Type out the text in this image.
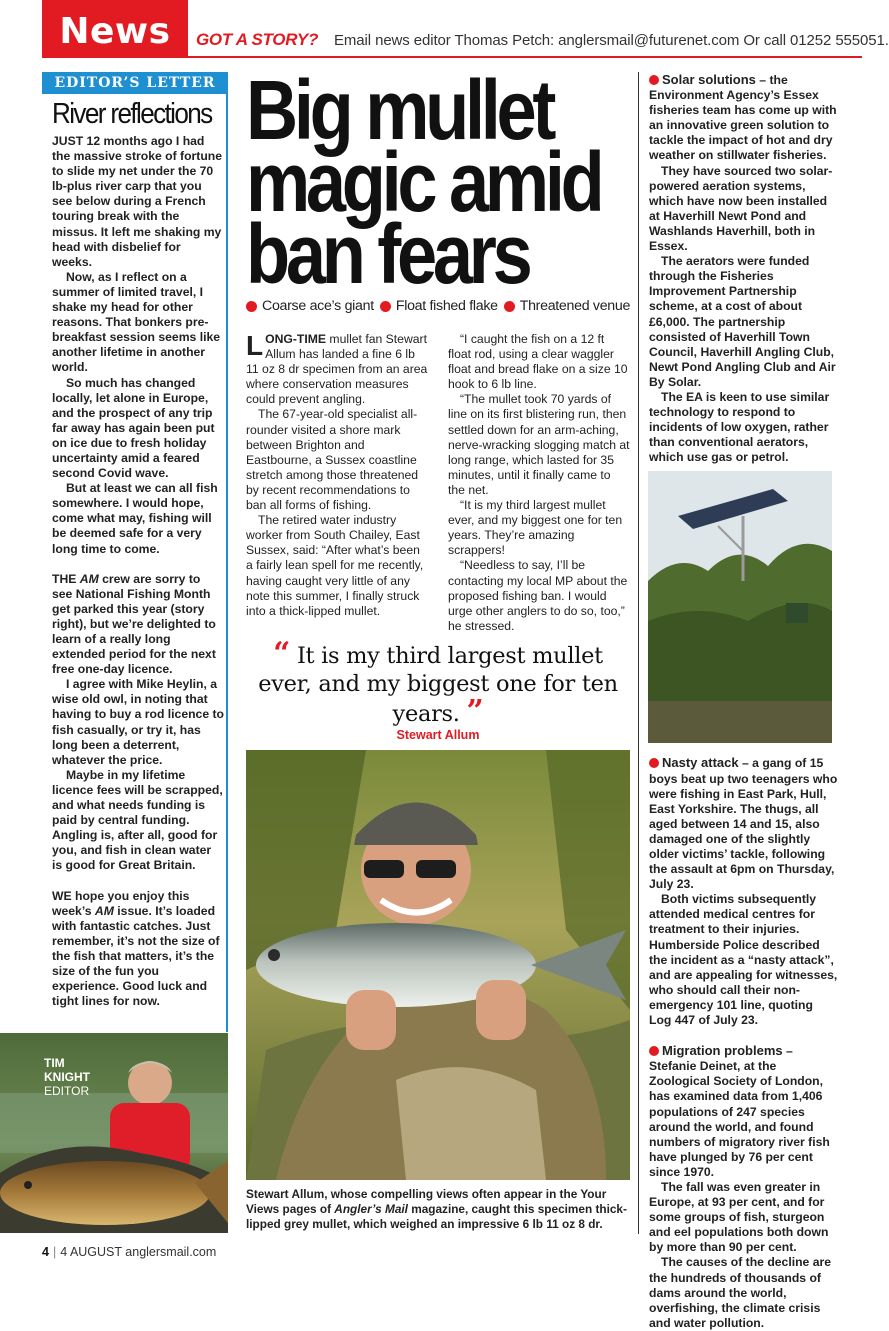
News	GOT A STORY? Email news editor Thomas Petch: anglersmail@futurenet.com Or call 01252 555051.
EDITOR’S LETTER
River reflections

JUST 12 months ago I had the massive stroke of fortune to slide my net under the 70 lb-plus river carp that you see below during a French touring break with the missus. It left me shaking my head with disbelief for weeks.

Now, as I reflect on a summer of limited travel, I shake my head for other reasons. That bonkers pre-breakfast session seems like another lifetime in another world.

So much has changed locally, let alone in Europe, and the prospect of any trip far away has again been put on ice due to fresh holiday uncertainty amid a feared second Covid wave.

But at least we can all fish somewhere. I would hope, come what may, fishing will be deemed safe for a very long time to come.

THE AM crew are sorry to see National Fishing Month get parked this year (story right), but we’re delighted to learn of a really long extended period for the next free one-day licence.

I agree with Mike Heylin, a wise old owl, in noting that having to buy a rod licence to fish casually, or try it, has long been a deterrent, whatever the price.

Maybe in my lifetime licence fees will be scrapped, and what needs funding is paid by central funding. Angling is, after all, good for you, and fish in clean water is good for Great Britain.

WE hope you enjoy this week’s AM issue. It’s loaded with fantastic catches. Just remember, it’s not the size of the fish that matters, it’s the size of the fun you experience. Good luck and tight lines for now.

TIM
KNIGHT
EDITOR
Big mullet
magic amid
ban fears
Coarse ace’s giant Float fished flake Threatened venue

LONG-TIME mullet fan Stewart Allum has landed a fine 6 lb 11 oz 8 dr specimen from an area where conservation measures could prevent angling.

The 67-year-old specialist all-rounder visited a shore mark between Brighton and Eastbourne, a Sussex coastline stretch among those threatened by recent recommendations to ban all forms of fishing.

The retired water industry worker from South Chailey, East Sussex, said: “After what’s been a fairly lean spell for me recently, having caught very little of any note this summer, I finally struck into a thick-lipped mullet.

“I caught the fish on a 12 ft float rod, using a clear waggler float and bread flake on a size 10 hook to 6 lb line.

“The mullet took 70 yards of line on its first blistering run, then settled down for an arm-aching, nerve-wracking slogging match at long range, which lasted for 35 minutes, until it finally came to the net.

“It is my third largest mullet ever, and my biggest one for ten years. They’re amazing scrappers!

“Needless to say, I’ll be contacting my local MP about the proposed fishing ban. I would urge other anglers to do so, too,” he stressed.

“ It is my third largest mullet ever, and my biggest one for ten years. ”
Stewart Allum
Stewart Allum, whose compelling views often appear in the Your Views pages of Angler’s Mail magazine, caught this specimen thick-lipped grey mullet, which weighed an impressive 6 lb 11 oz 8 dr.

Solar solutions – the Environment Agency’s Essex fisheries team has come up with an innovative green solution to tackle the impact of hot and dry weather on stillwater fisheries.

They have sourced two solar-powered aeration systems, which have now been installed at Haverhill Newt Pond and Washlands Haverhill, both in Essex.

The aerators were funded through the Fisheries Improvement Partnership scheme, at a cost of about £6,000. The partnership consisted of Haverhill Town Council, Haverhill Angling Club, Newt Pond Angling Club and Air By Solar.

The EA is keen to use similar technology to respond to incidents of low oxygen, rather than conventional aerators, which use gas or petrol.

Nasty attack – a gang of 15 boys beat up two teenagers who were fishing in East Park, Hull, East Yorkshire. The thugs, all aged between 14 and 15, also damaged one of the slightly older victims’ tackle, following the assault at 6pm on Thursday, July 23.

Both victims subsequently attended medical centres for treatment to their injuries. Humberside Police described the incident as a “nasty attack”, and are appealing for witnesses, who should call their non-emergency 101 line, quoting Log 447 of July 23.

Migration problems – Stefanie Deinet, at the Zoological Society of London, has examined data from 1,406 populations of 247 species around the world, and found numbers of migratory river fish have plunged by 76 per cent since 1970.

The fall was even greater in Europe, at 93 per cent, and for some groups of fish, sturgeon and eel populations both down by more than 90 per cent.

The causes of the decline are the hundreds of thousands of dams around the world, overfishing, the climate crisis and water pollution.

4 | 4 AUGUST anglersmail.com
